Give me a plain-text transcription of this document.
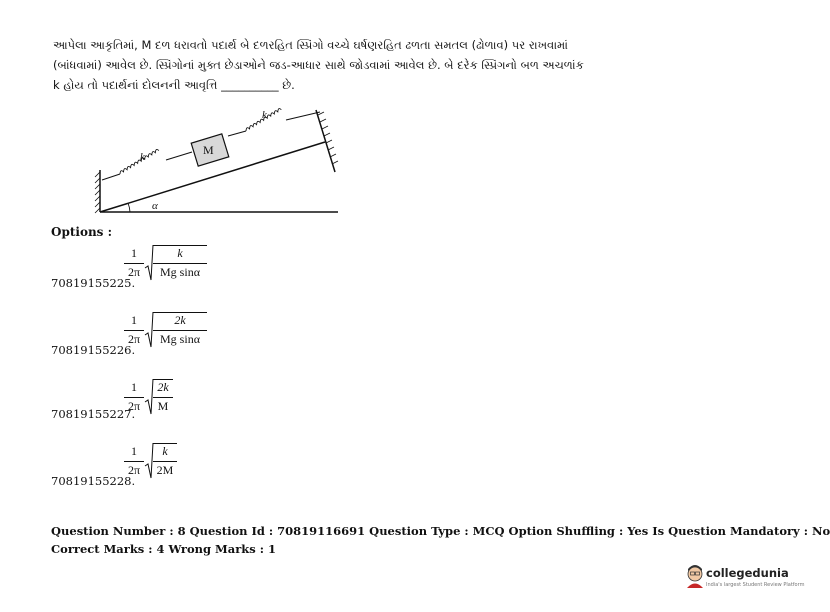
આપેલા આકૃતિમાં, M દળ ધરાવતો પદાર્થ બે દળરહિત સ્પ્રિંગો વચ્ચે ઘર્ષણરહિત ઢળતા સમતલ (ઢોળાવ) પર રાખવામાં
(બાંધવામાં) આવેલ છે. સ્પ્રિંગોનાં મુક્ત છેડાઓને જડ-આધાર સાથે જોડવામાં આવેલ છે. બે દરેક સ્પ્રિંગનો બળ અચળાંક
k હોય તો પદાર્થનાં દોલનની આવૃત્તિ __________ છે.
M
k
k
α
Options :
70819155225.
1
2π
k
Mg sinα
70819155226.
1
2π
2k
Mg sinα
70819155227.
1
2π
2k
M
70819155228.
1
2π
k
2M
Question Number : 8 Question Id : 70819116691 Question Type : MCQ Option Shuffling : Yes Is Question Mandatory : No
Correct Marks : 4 Wrong Marks : 1
collegedunia
India's largest Student Review Platform
